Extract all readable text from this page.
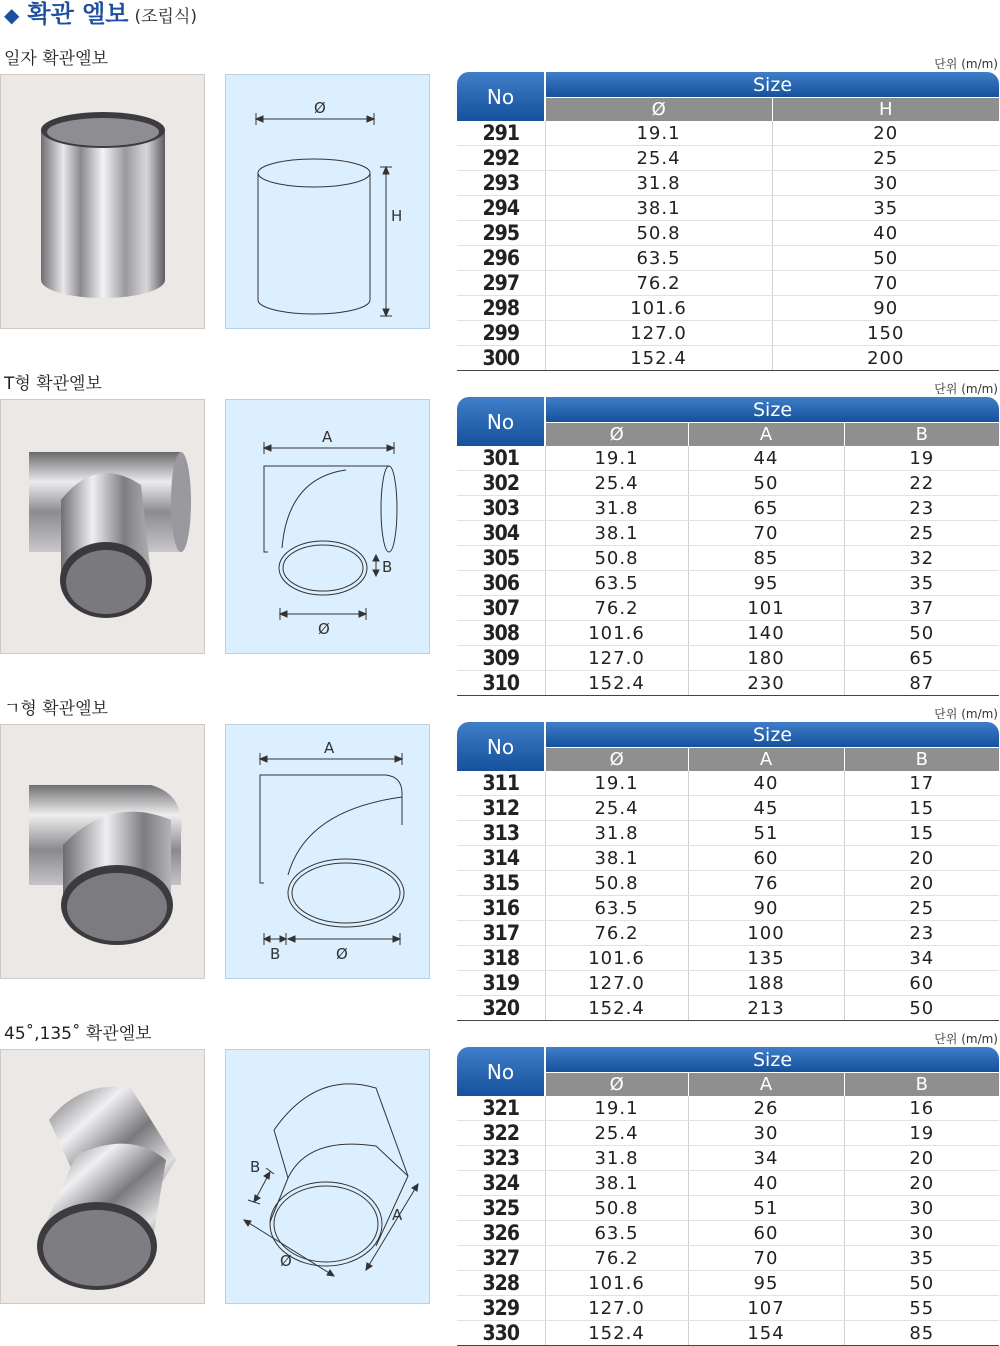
◆ 확관 엘보 (조립식)
일자 확관엘보	단위 (m/m)
Ø
H
No	Size	
	Ø	H
291	19.1	20
292	25.4	25
293	31.8	30
294	38.1	35
295	50.8	40
296	63.5	50
297	76.2	70
298	101.6	90
299	127.0	150
300	152.4	200
T형 확관엘보	단위 (m/m)
A
B
Ø
No	Size		
	Ø	A	B
301	19.1	44	19
302	25.4	50	22
303	31.8	65	23
304	38.1	70	25
305	50.8	85	32
306	63.5	95	35
307	76.2	101	37
308	101.6	140	50
309	127.0	180	65
310	152.4	230	87
ㄱ형 확관엘보	단위 (m/m)
A
B	Ø
No	Size		
	Ø	A	B
311	19.1	40	17
312	25.4	45	15
313	31.8	51	15
314	38.1	60	20
315	50.8	76	20
316	63.5	90	25
317	76.2	100	23
318	101.6	135	34
319	127.0	188	60
320	152.4	213	50
45˚,135˚ 확관엘보	단위 (m/m)
B
A
Ø
No	Size		
	Ø	A	B
321	19.1	26	16
322	25.4	30	19
323	31.8	34	20
324	38.1	40	20
325	50.8	51	30
326	63.5	60	30
327	76.2	70	35
328	101.6	95	50
329	127.0	107	55
330	152.4	154	85
